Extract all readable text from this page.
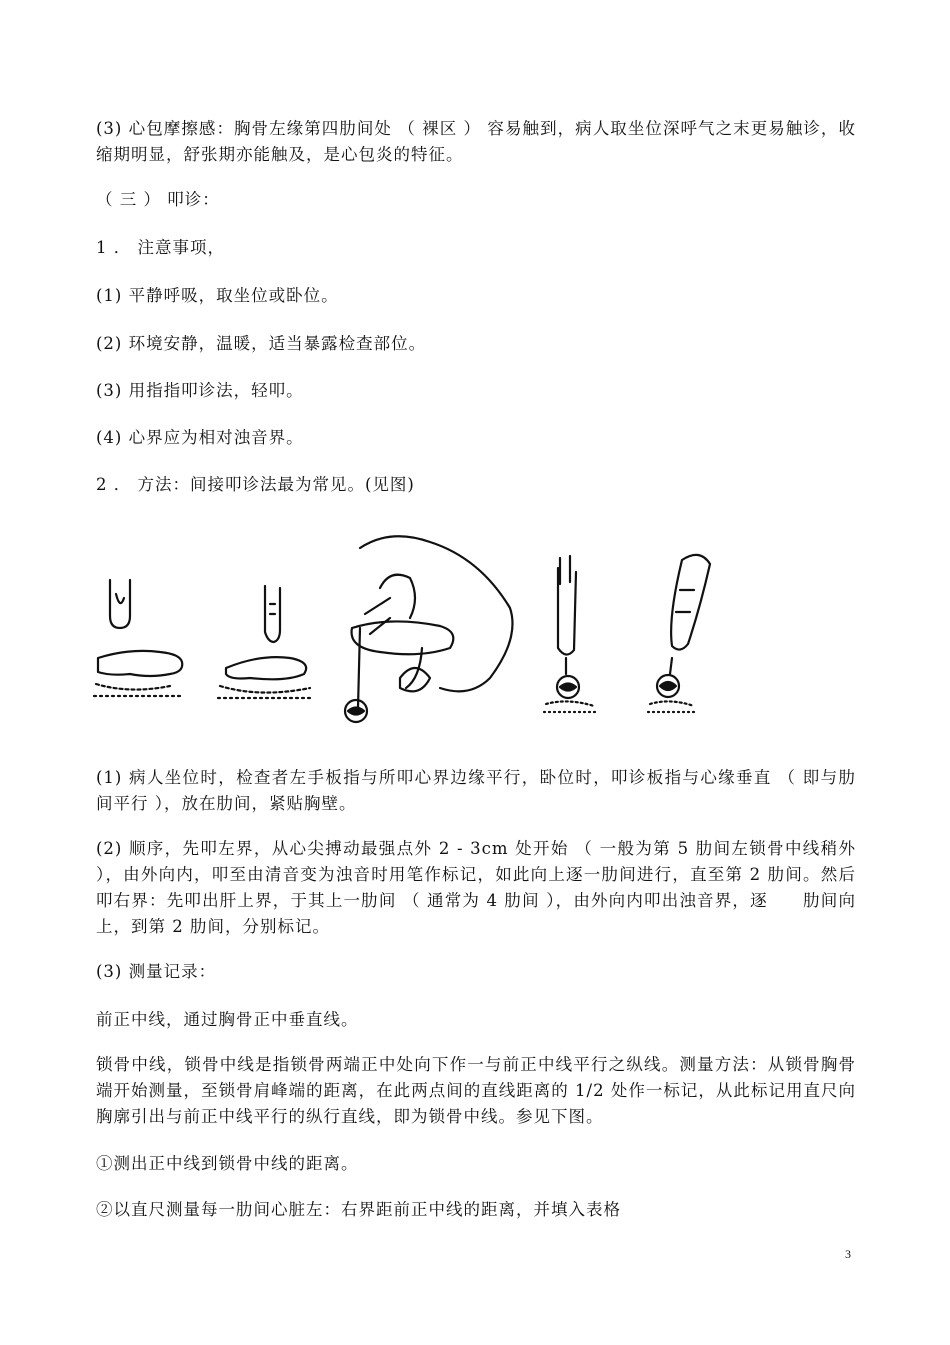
(3) 心包摩擦感：胸骨左缘第四肋间处 （ 裸区 ） 容易触到，病人取坐位深呼气之末更易触诊，收缩期明显，舒张期亦能触及，是心包炎的特征。

（ 三 ） 叩诊：

1 ． 注意事项，

(1) 平静呼吸，取坐位或卧位。

(2) 环境安静，温暖，适当暴露检查部位。

(3) 用指指叩诊法，轻叩。

(4) 心界应为相对浊音界。

2 ． 方法：间接叩诊法最为常见。(见图)

(1) 病人坐位时，检查者左手板指与所叩心界边缘平行，卧位时，叩诊板指与心缘垂直 （ 即与肋间平行 ），放在肋间，紧贴胸壁。

(2) 顺序，先叩左界，从心尖搏动最强点外 2 - 3cm 处开始 （ 一般为第 5 肋间左锁骨中线稍外 ），由外向内，叩至由清音变为浊音时用笔作标记，如此向上逐一肋间进行，直至第 2 肋间。然后叩右界：先叩出肝上界，于其上一肋间 （ 通常为 4 肋间 ），由外向内叩出浊音界，逐　　肋间向上，到第 2 肋间，分别标记。

(3) 测量记录：

前正中线，通过胸骨正中垂直线。

锁骨中线，锁骨中线是指锁骨两端正中处向下作一与前正中线平行之纵线。测量方法：从锁骨胸骨端开始测量，至锁骨肩峰端的距离，在此两点间的直线距离的 1/2 处作一标记，从此标记用直尺向胸廓引出与前正中线平行的纵行直线，即为锁骨中线。参见下图。

①测出正中线到锁骨中线的距离。

②以直尺测量每一肋间心脏左：右界距前正中线的距离，并填入表格

3
